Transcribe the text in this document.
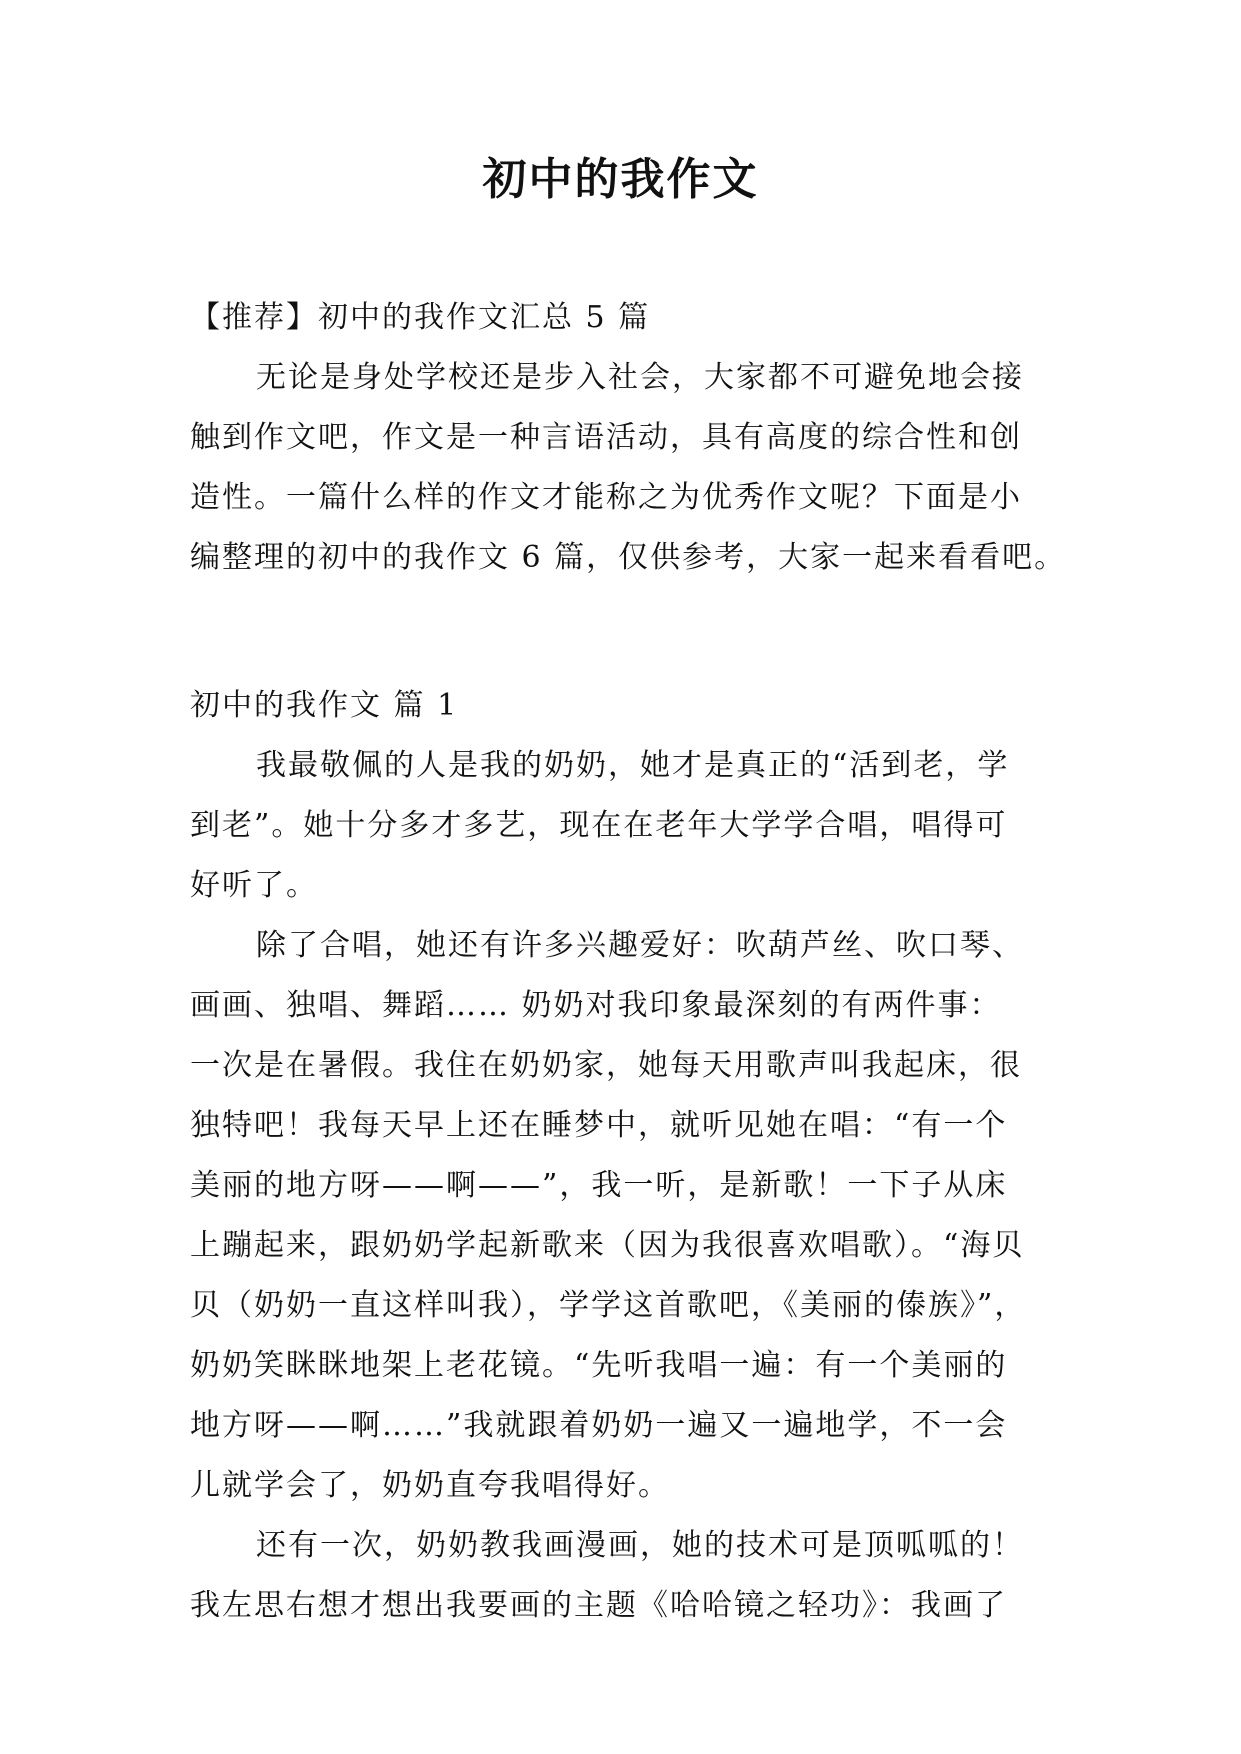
初中的我作文
【推荐】初中的我作文汇总 5 篇
无论是身处学校还是步入社会，大家都不可避免地会接
触到作文吧，作文是一种言语活动，具有高度的综合性和创
造性。一篇什么样的作文才能称之为优秀作文呢？下面是小
编整理的初中的我作文 6 篇，仅供参考，大家一起来看看吧。
初中的我作文 篇 1
我最敬佩的人是我的奶奶，她才是真正的“活到老，学
到老”。她十分多才多艺，现在在老年大学学合唱，唱得可
好听了。
除了合唱，她还有许多兴趣爱好：吹葫芦丝、吹口琴、
画画、独唱、舞蹈…… 奶奶对我印象最深刻的有两件事：
一次是在暑假。我住在奶奶家，她每天用歌声叫我起床，很
独特吧！我每天早上还在睡梦中，就听见她在唱：“有一个
美丽的地方呀——啊——”，我一听，是新歌！一下子从床
上蹦起来，跟奶奶学起新歌来（因为我很喜欢唱歌）。“海贝
贝（奶奶一直这样叫我），学学这首歌吧，《美丽的傣族》”，
奶奶笑眯眯地架上老花镜。“先听我唱一遍：有一个美丽的
地方呀——啊……”我就跟着奶奶一遍又一遍地学，不一会
儿就学会了，奶奶直夸我唱得好。
还有一次，奶奶教我画漫画，她的技术可是顶呱呱的！
我左思右想才想出我要画的主题《哈哈镜之轻功》：我画了
